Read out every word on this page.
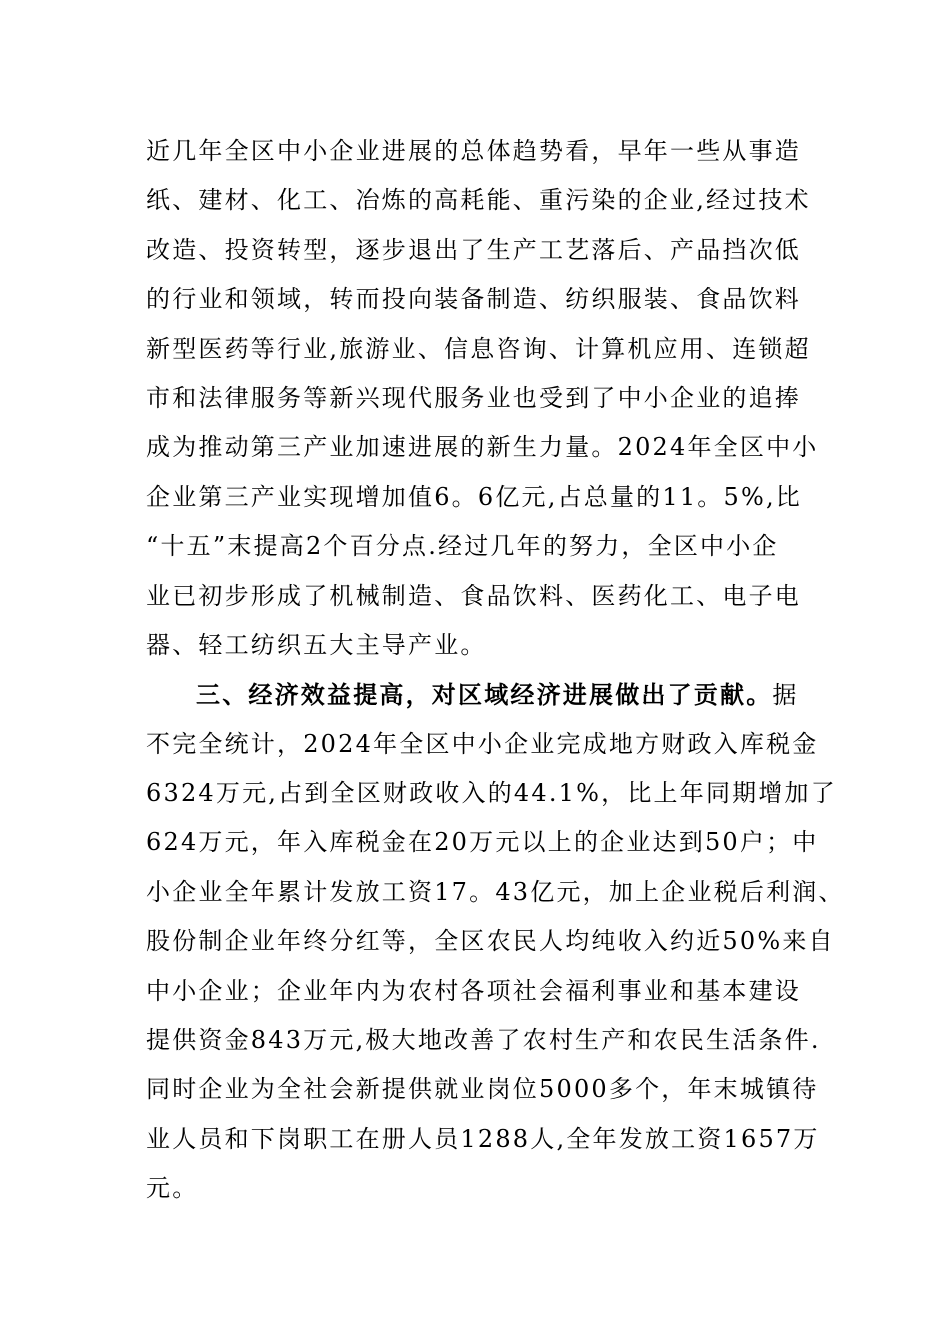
近几年全区中小企业进展的总体趋势看，早年一些从事造
纸、建材、化工、冶炼的高耗能、重污染的企业,经过技术
改造、投资转型，逐步退出了生产工艺落后、产品挡次低
的行业和领域，转而投向装备制造、纺织服装、食品饮料
新型医药等行业,旅游业、信息咨询、计算机应用、连锁超
市和法律服务等新兴现代服务业也受到了中小企业的追捧
成为推动第三产业加速进展的新生力量。2024年全区中小
企业第三产业实现增加值6。6亿元,占总量的11。5%,比
“十五”末提高2个百分点.经过几年的努力，全区中小企
业已初步形成了机械制造、食品饮料、医药化工、电子电
器、轻工纺织五大主导产业。
三、经济效益提高，对区域经济进展做出了贡献。据
不完全统计，2024年全区中小企业完成地方财政入库税金
6324万元,占到全区财政收入的44.1%，比上年同期增加了
624万元，年入库税金在20万元以上的企业达到50户；中
小企业全年累计发放工资17。43亿元，加上企业税后利润、
股份制企业年终分红等，全区农民人均纯收入约近50%来自
中小企业；企业年内为农村各项社会福利事业和基本建设
提供资金843万元,极大地改善了农村生产和农民生活条件.
同时企业为全社会新提供就业岗位5000多个，年末城镇待
业人员和下岗职工在册人员1288人,全年发放工资1657万
元。
